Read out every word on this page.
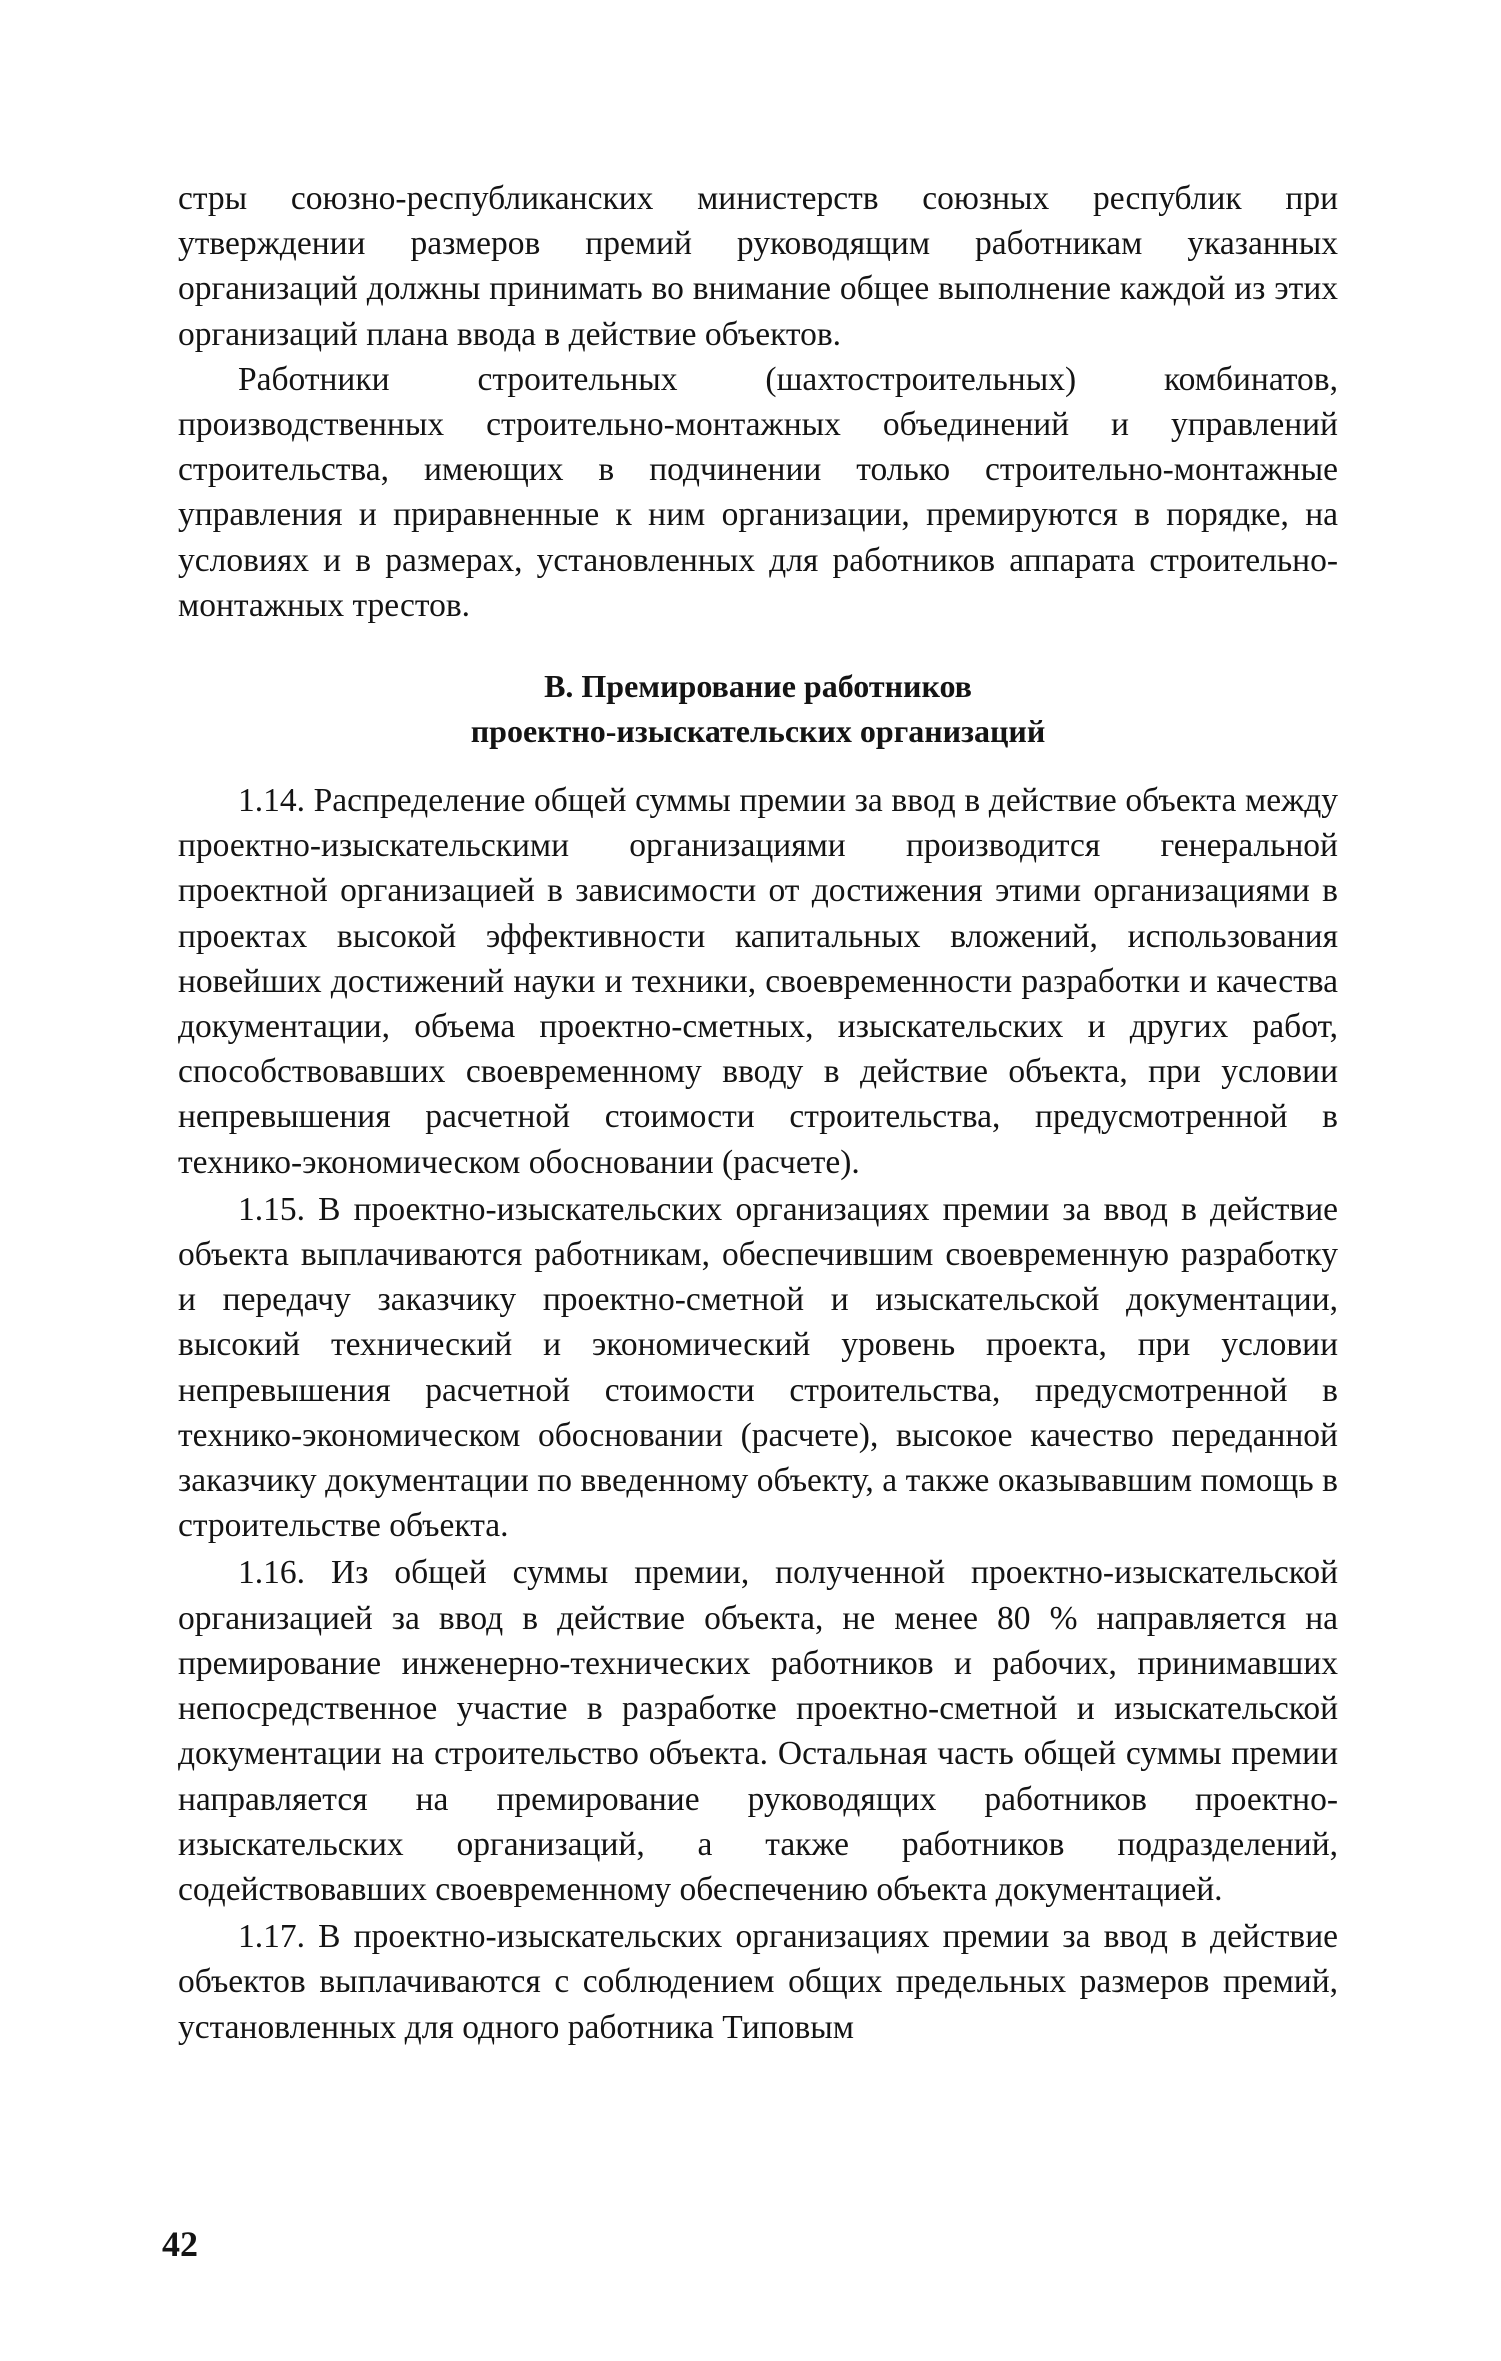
стры союзно-республиканских министерств союзных республик при утверждении размеров премий руководящим работникам указанных организаций должны принимать во внимание общее выполнение каждой из этих организаций плана ввода в действие объектов.

Работники строительных (шахтостроительных) комбинатов, производственных строительно-монтажных объединений и управлений строительства, имеющих в подчинении только строительно-монтажные управления и приравненные к ним организации, премируются в порядке, на условиях и в размерах, установленных для работников аппарата строительно-монтажных трестов.

В. Премирование работников
проектно-изыскательских организаций

1.14. Распределение общей суммы премии за ввод в действие объекта между проектно-изыскательскими организациями производится генеральной проектной организацией в зависимости от достижения этими организациями в проектах высокой эффективности капитальных вложений, использования новейших достижений науки и техники, своевременности разработки и качества документации, объема проектно-сметных, изыскательских и других работ, способствовавших своевременному вводу в действие объекта, при условии непревышения расчетной стоимости строительства, предусмотренной в технико-экономическом обосновании (расчете).

1.15. В проектно-изыскательских организациях премии за ввод в действие объекта выплачиваются работникам, обеспечившим своевременную разработку и передачу заказчику проектно-сметной и изыскательской документации, высокий технический и экономический уровень проекта, при условии непревышения расчетной стоимости строительства, предусмотренной в технико-экономическом обосновании (расчете), высокое качество переданной заказчику документации по введенному объекту, а также оказывавшим помощь в строительстве объекта.

1.16. Из общей суммы премии, полученной проектно-изыскательской организацией за ввод в действие объекта, не менее 80 % направляется на премирование инженерно-технических работников и рабочих, принимавших непосредственное участие в разработке проектно-сметной и изыскательской документации на строительство объекта. Остальная часть общей суммы премии направляется на премирование руководящих работников проектно-изыскательских организаций, а также работников подразделений, содействовавших своевременному обеспечению объекта документацией.

1.17. В проектно-изыскательских организациях премии за ввод в действие объектов выплачиваются с соблюдением общих предельных размеров премий, установленных для одного работника Типовым

42
